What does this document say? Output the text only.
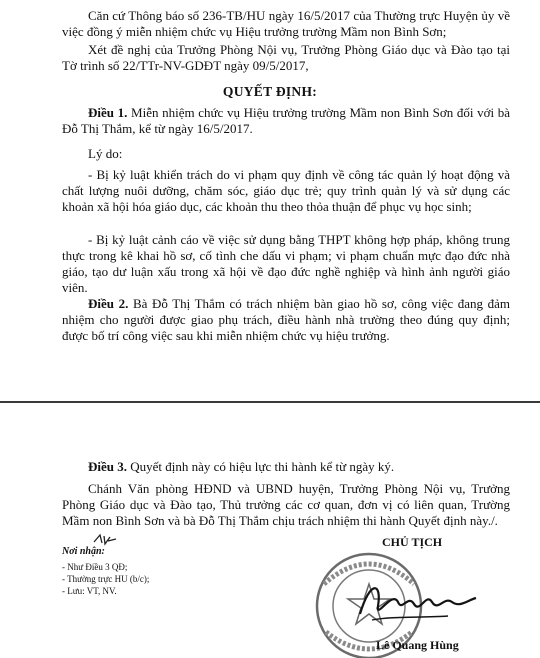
Căn cứ Thông báo số 236-TB/HU ngày 16/5/2017 của Thường trực Huyện ủy về việc đồng ý miễn nhiệm chức vụ Hiệu trưởng trường Mầm non Bình Sơn;

Xét đề nghị của Trưởng Phòng Nội vụ, Trưởng Phòng Giáo dục và Đào tạo tại Tờ trình số 22/TTr-NV-GDĐT ngày 09/5/2017,

QUYẾT ĐỊNH:

Điều 1. Miễn nhiệm chức vụ Hiệu trưởng trường Mầm non Bình Sơn đối với bà Đỗ Thị Thắm, kể từ ngày 16/5/2017.

Lý do:

- Bị kỷ luật khiển trách do vi phạm quy định về công tác quản lý hoạt động và chất lượng nuôi dưỡng, chăm sóc, giáo dục trẻ; quy trình quản lý và sử dụng các khoản xã hội hóa giáo dục, các khoản thu theo thỏa thuận để phục vụ học sinh;

- Bị kỷ luật cảnh cáo về việc sử dụng bằng THPT không hợp pháp, không trung thực trong kê khai hồ sơ, cố tình che dấu vi phạm; vi phạm chuẩn mực đạo đức nhà giáo, tạo dư luận xấu trong xã hội về đạo đức nghề nghiệp và hình ảnh người giáo viên.

Điều 2. Bà Đỗ Thị Thắm có trách nhiệm bàn giao hồ sơ, công việc đang đảm nhiệm cho người được giao phụ trách, điều hành nhà trường theo đúng quy định; được bố trí công việc sau khi miễn nhiệm chức vụ hiệu trưởng.

Điều 3. Quyết định này có hiệu lực thi hành kể từ ngày ký.

Chánh Văn phòng HĐND và UBND huyện, Trưởng Phòng Nội vụ, Trưởng Phòng Giáo dục và Đào tạo, Thủ trưởng các cơ quan, đơn vị có liên quan, Trường Mầm non Bình Sơn và bà Đỗ Thị Thắm chịu trách nhiệm thi hành Quyết định này./.

Nơi nhận:
- Như Điều 3 QĐ;
- Thường trực HU (b/c);
- Lưu: VT, NV.
CHỦ TỊCH
Lê Quang Hùng
